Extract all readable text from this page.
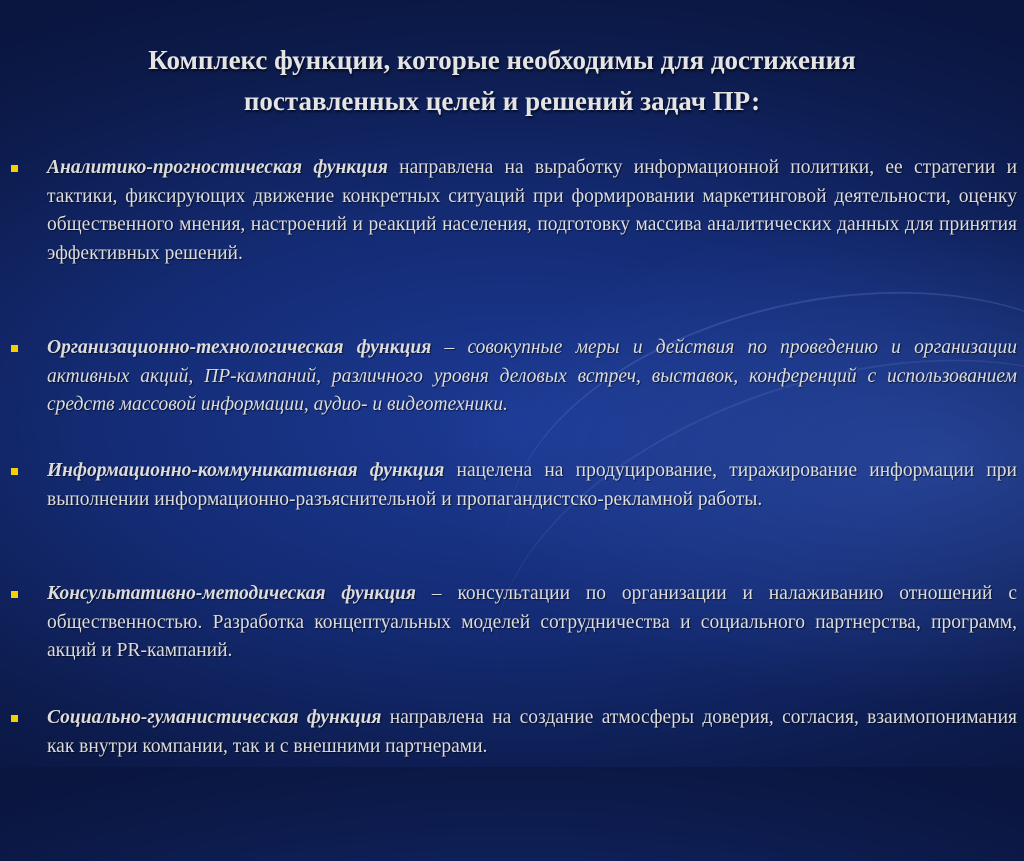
Комплекс функции, которые необходимы для достижения
поставленных целей и решений задач ПР:
Аналитико-прогностическая функция направлена на выработку информационной политики, ее стратегии и тактики, фиксирующих движение конкретных ситуаций при формировании маркетинговой деятельности, оценку общественного мнения, настроений и реакций населения, подготовку массива аналитических данных для принятия эффективных решений.
Организационно-технологическая функция – совокупные меры и действия по проведению и организации активных акций, ПР-кампаний, различного уровня деловых встреч, выставок, конференций с использованием средств массовой информации, аудио- и видеотехники.
Информационно-коммуникативная функция нацелена на продуцирование, тиражирование информации при выполнении информационно-разъяснительной и пропагандистско-рекламной работы.
Консультативно-методическая функция – консультации по организации и налаживанию отношений с общественностью. Разработка концептуальных моделей сотрудничества и социального партнерства, программ, акций и PR-кампаний.
Социально-гуманистическая функция направлена на создание атмосферы доверия, согласия, взаимопонимания как внутри компании, так и с внешними партнерами.
